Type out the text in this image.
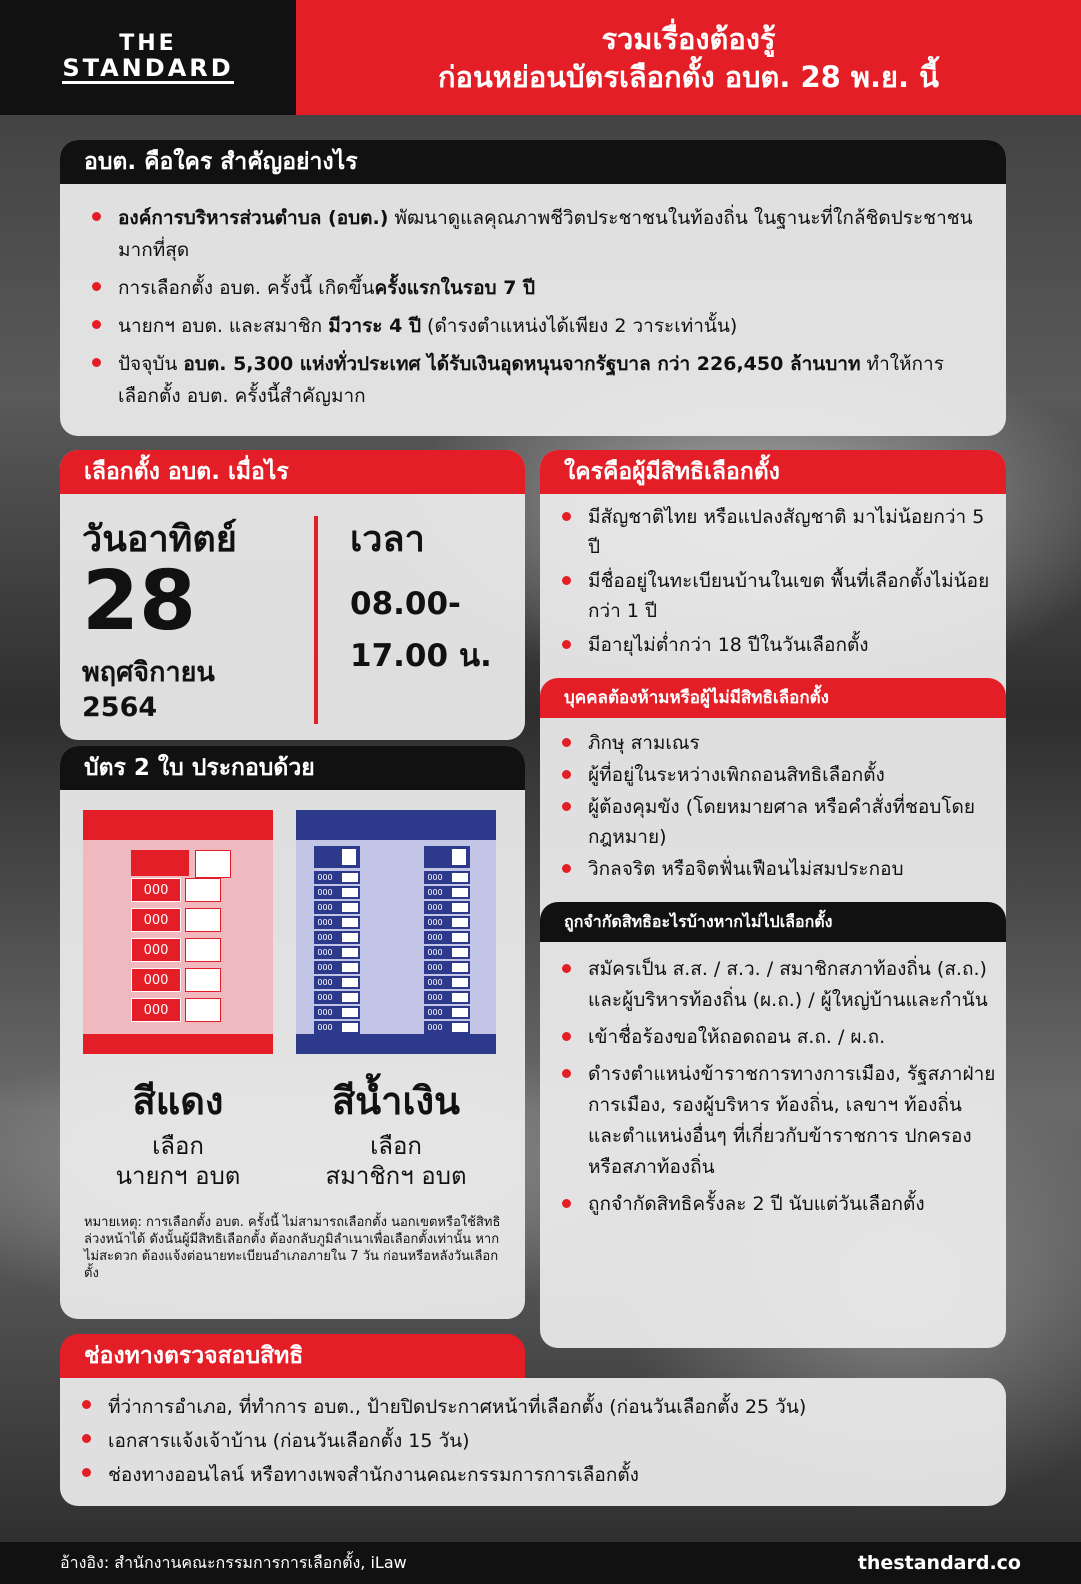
THE
STANDARD
รวมเรื่องต้องรู้
ก่อนหย่อนบัตรเลือกตั้ง อบต. 28 พ.ย. นี้
อบต. คือใคร สำคัญอย่างไร
องค์การบริหารส่วนตำบล (อบต.) พัฒนาดูแลคุณภาพชีวิตประชาชนในท้องถิ่น ในฐานะที่ใกล้ชิดประชาชนมากที่สุด
การเลือกตั้ง อบต. ครั้งนี้ เกิดขึ้นครั้งแรกในรอบ 7 ปี
นายกฯ อบต. และสมาชิก มีวาระ 4 ปี (ดำรงตำแหน่งได้เพียง 2 วาระเท่านั้น)
ปัจจุบัน อบต. 5,300 แห่งทั่วประเทศ ได้รับเงินอุดหนุนจากรัฐบาล กว่า 226,450 ล้านบาท ทำให้การเลือกตั้ง อบต. ครั้งนี้สำคัญมาก
เลือกตั้ง อบต. เมื่อไร
วันอาทิตย์
28
พฤศจิกายน
2564
เวลา
08.00-
17.00 น.
บัตร 2 ใบ ประกอบด้วย
000
000
000
000
000
000
000
000
000
000
000
000
000
000
000
000
000
000
000
000
000
000
000
000
000
000
000
สีแดง
เลือก
นายกฯ อบต
สีน้ำเงิน
เลือก
สมาชิกฯ อบต
หมายเหตุ: การเลือกตั้ง อบต. ครั้งนี้ ไม่สามารถเลือกตั้ง นอกเขตหรือใช้สิทธิล่วงหน้าได้ ดังนั้นผู้มีสิทธิเลือกตั้ง ต้องกลับภูมิลำเนาเพื่อเลือกตั้งเท่านั้น หากไม่สะดวก ต้องแจ้งต่อนายทะเบียนอำเภอภายใน 7 วัน ก่อนหรือหลังวันเลือกตั้ง
ใครคือผู้มีสิทธิเลือกตั้ง
มีสัญชาติไทย หรือแปลงสัญชาติ มาไม่น้อยกว่า 5 ปี
มีชื่ออยู่ในทะเบียนบ้านในเขต พื้นที่เลือกตั้งไม่น้อยกว่า 1 ปี
มีอายุไม่ต่ำกว่า 18 ปีในวันเลือกตั้ง
บุคคลต้องห้ามหรือผู้ไม่มีสิทธิเลือกตั้ง
ภิกษุ สามเณร
ผู้ที่อยู่ในระหว่างเพิกถอนสิทธิเลือกตั้ง
ผู้ต้องคุมขัง (โดยหมายศาล หรือคำสั่งที่ชอบโดยกฎหมาย)
วิกลจริต หรือจิตฟั่นเฟือนไม่สมประกอบ
ถูกจำกัดสิทธิอะไรบ้างหากไม่ไปเลือกตั้ง
สมัครเป็น ส.ส. / ส.ว. / สมาชิกสภาท้องถิ่น (ส.ถ.) และผู้บริหารท้องถิ่น (ผ.ถ.) / ผู้ใหญ่บ้านและกำนัน
เข้าชื่อร้องขอให้ถอดถอน ส.ถ. / ผ.ถ.
ดำรงตำแหน่งข้าราชการทางการเมือง, รัฐสภาฝ่ายการเมือง, รองผู้บริหาร ท้องถิ่น, เลขาฯ ท้องถิ่น และตำแหน่งอื่นๆ ที่เกี่ยวกับข้าราชการ ปกครองหรือสภาท้องถิ่น
ถูกจำกัดสิทธิครั้งละ 2 ปี นับแต่วันเลือกตั้ง
ช่องทางตรวจสอบสิทธิ
ที่ว่าการอำเภอ, ที่ทำการ อบต., ป้ายปิดประกาศหน้าที่เลือกตั้ง (ก่อนวันเลือกตั้ง 25 วัน)
เอกสารแจ้งเจ้าบ้าน (ก่อนวันเลือกตั้ง 15 วัน)
ช่องทางออนไลน์ หรือทางเพจสำนักงานคณะกรรมการการเลือกตั้ง
อ้างอิง: สำนักงานคณะกรรมการการเลือกตั้ง, iLaw	thestandard.co
